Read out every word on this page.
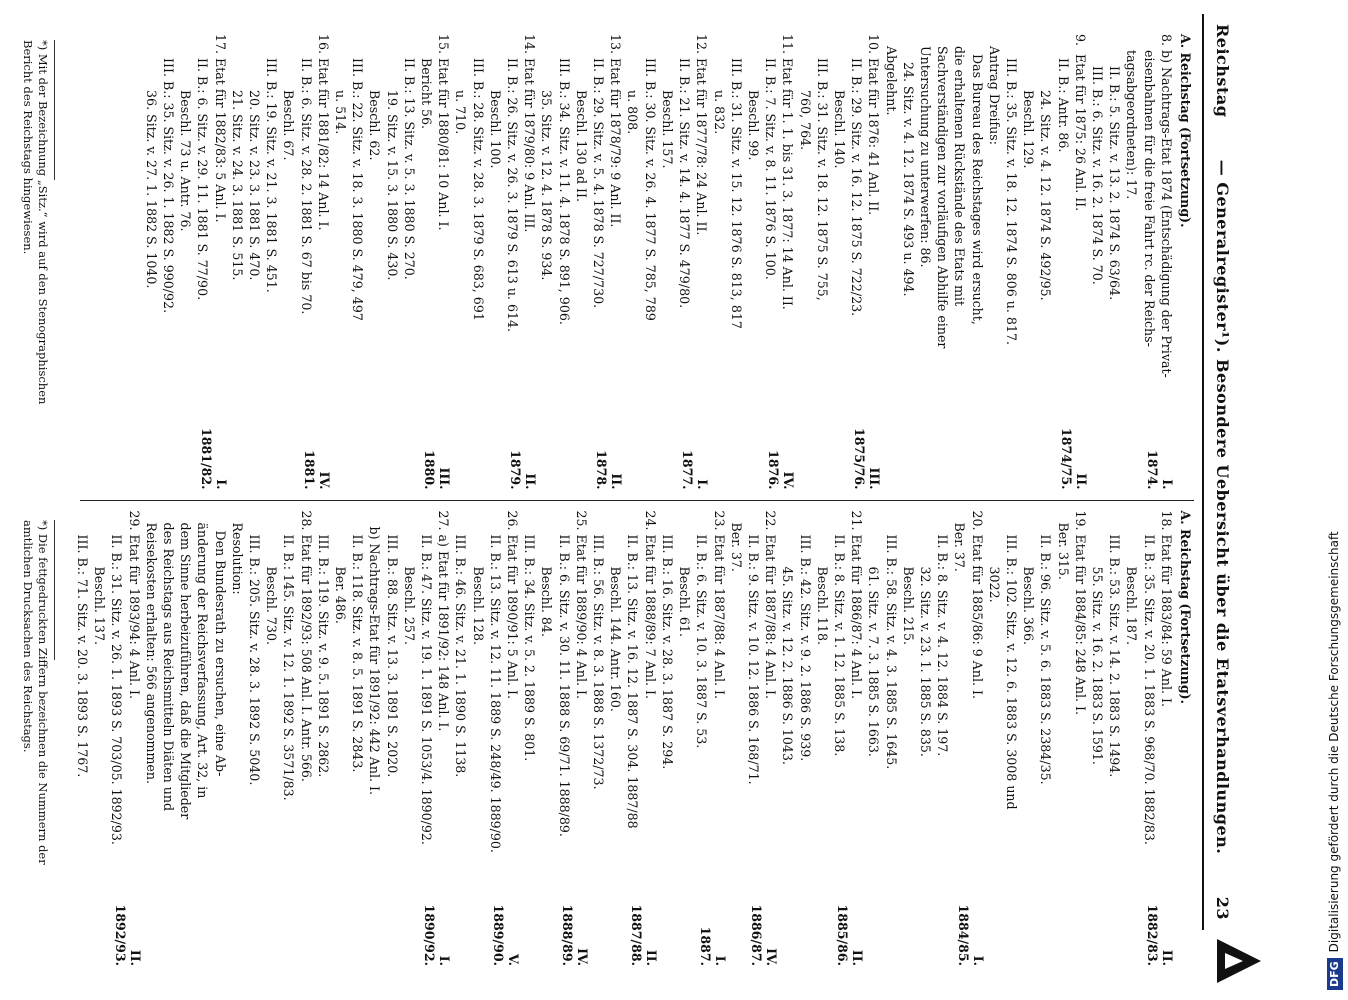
Reichstag
— Generalregister¹). Besondere Uebersicht über die Etatsverhandlungen.
23
A. Reichstag (Fortsetzung).
8. b) Nachtrags-Etat 1874 (Entschädigung der Privat-
eisenbahnen für die freie Fahrt rc. der Reichs-
tagsabgeordneten): 17.
I.
1874.
II. B.: 5. Sitz. v. 13. 2. 1874 S. 63/64.
III. B.: 6. Sitz. v. 16. 2. 1874 S. 70.
9.  Etat für 1875: 26 Anl. II.
II. B.: Antr. 86.
24. Sitz. v. 4. 12. 1874 S. 492/95.
Beschl. 129.
III. B.: 35. Sitz. v. 18. 12. 1874 S. 806 u. 817.
II.
1874/75.
Antrag Dreifus:
Das Bureau des Reichstages wird ersucht,
die erhaltenen Rückstände des Etats mit
Sachverständigen zur vorläufigen Abhilfe einer
Untersuchung zu unterwerfen: 86.
24. Sitz. v. 4. 12. 1874 S. 493 u. 494.
Abgelehnt.
10. Etat für 1876: 41 Anl. II.
II. B.: 29. Sitz. v. 16. 12. 1875 S. 722/23.
Beschl. 140.
III. B.: 31. Sitz. v. 18. 12. 1875 S. 755,
760, 764.
III.
1875/76.
11. Etat für 1. 1. bis 31. 3. 1877: 14 Anl. II.
II. B.: 7. Sitz. v. 8. 11. 1876 S. 100.
Beschl. 99.
III. B.: 31. Sitz. v. 15. 12. 1876 S. 813, 817
u. 832.
IV.
1876.
12. Etat für 1877/78: 24 Anl. II.
II. B.: 21. Sitz. v. 14. 4. 1877 S. 479/80.
Beschl. 157.
III. B.: 30. Sitz. v. 26. 4. 1877 S. 785, 789
u. 808.
I.
1877.
13. Etat für 1878/79: 9 Anl. II.
II. B.: 29. Sitz. v. 5. 4. 1878 S. 727/730.
Beschl. 130 ad II.
III. B.: 34. Sitz. v. 11. 4. 1878 S. 891, 906.
35. Sitz. v. 12. 4. 1878 S. 934.
II.
1878.
14. Etat für 1879/80: 9 Anl. III.
II. B.: 26. Sitz. v. 26. 3. 1879 S. 613 u. 614.
Beschl. 100.
III. B.: 28. Sitz. v. 28. 3. 1879 S. 683, 691
u. 710.
II.
1879.
15. Etat für 1880/81: 10 Anl. I.
Bericht 56.
II. B.: 13. Sitz. v. 5. 3. 1880 S. 270.
19. Sitz. v. 15. 3. 1880 S. 430.
Beschl. 62.
III. B.: 22. Sitz. v. 18. 3. 1880 S. 479, 497
u. 514.
III.
1880.
16. Etat für 1881/82: 14 Anl. I.
II. B.: 6. Sitz. v. 28. 2. 1881 S. 67 bis 70.
Beschl. 67.
III. B.: 19. Sitz. v. 21. 3. 1881 S. 451.
20. Sitz. v. 23. 3. 1881 S. 470.
21. Sitz. v. 24. 3. 1881 S. 515.
IV.
1881.
17. Etat für 1882/83: 5 Anl. I.
II. B.: 6. Sitz. v. 29. 11. 1881 S. 77/90.
Beschl. 73 u. Antr. 76.
III. B.: 35. Sitz. v. 26. 1. 1882 S. 990/92.
36. Sitz. v. 27. 1. 1882 S. 1040.
I.
1881/82.
A. Reichstag (Fortsetzung).
18. Etat für 1883/84: 59 Anl. I.
II. B.: 35. Sitz. v. 20. 1. 1883 S. 968/70. 1882/83.
Beschl. 187.
III. B.: 53. Sitz. v. 14. 2. 1883 S. 1494.
55. Sitz. v. 16. 2. 1883 S. 1591.
II.
1882/83.
19. Etat für 1884/85: 248 Anl. I.
Ber. 315.
II. B.: 96. Sitz. v. 5. 6. 1883 S. 2384/35.
Beschl. 366.
III. B.: 102. Sitz. v. 12. 6. 1883 S. 3008 und
3022.
20. Etat für 1885/86: 9 Anl. I.
Ber. 37.
II. B.: 8. Sitz. v. 4. 12. 1884 S. 197.
32. Sitz. v. 23. 1. 1885 S. 835.
Beschl. 215.
III. B.: 58. Sitz. v. 4. 3. 1885 S. 1645.
61. Sitz. v. 7. 3. 1885 S. 1663.
I.
1884/85.
21. Etat für 1886/87: 4 Anl. I.
II. B.: 8. Sitz. v. 1. 12. 1885 S. 138.
Beschl. 118.
III. B.: 42. Sitz. v. 9. 2. 1886 S. 939.
45. Sitz. v. 12. 2. 1886 S. 1043.
II.
1885/86.
22. Etat für 1887/88: 4 Anl. I.
II. B.: 9. Sitz. v. 10. 12. 1886 S. 168/71.
Ber. 37.
IV.
1886/87.
23. Etat für 1887/88: 4 Anl. I.
II. B.: 6. Sitz. v. 10. 3. 1887 S. 53.
Beschl. 61.
III. B.: 16. Sitz. v. 28. 3. 1887 S. 294.
I.
1887.
24. Etat für 1888/89: 7 Anl. I.
II. B.: 13. Sitz. v. 16. 12. 1887 S. 304. 1887/88
Beschl. 144. Antr. 160.
III. B.: 56. Sitz. v. 8. 3. 1888 S. 1372/73.
II.
1887/88.
25. Etat für 1889/90: 4 Anl. I.
II. B.: 6. Sitz. v. 30. 11. 1888 S. 69/71. 1888/89.
Beschl. 84.
III. B.: 34. Sitz. v. 5. 2. 1889 S. 801.
IV.
1888/89.
26. Etat für 1890/91: 5 Anl. I.
II. B.: 13. Sitz. v. 12. 11. 1889 S. 248/49. 1889/90.
Beschl. 128.
III. B.: 46. Sitz. v. 21. 1. 1890 S. 1138.
V.
1889/90.
27. a) Etat für 1891/92: 148 Anl. I.
II. B.: 47. Sitz. v. 19. 1. 1891 S. 1053/4. 1890/92.
Beschl. 257.
III. B.: 88. Sitz. v. 13. 3. 1891 S. 2020.
I.
1890/92.
b) Nachtrags-Etat für 1891/92: 442 Anl. I.
II. B.: 118. Sitz. v. 8. 5. 1891 S. 2843.
Ber. 486.
III. B.: 119. Sitz. v. 9. 5. 1891 S. 2862.
28. Etat für 1892/93: 508 Anl. I. Antr. 566.
II. B.: 145. Sitz. v. 12. 1. 1892 S. 3571/83.
Beschl. 730.
III. B.: 205. Sitz. v. 28. 3. 1892 S. 5040.
Resolution:
Den Bundesrath zu ersuchen, eine Ab-
änderung der Reichsverfassung, Art. 32, in
dem Sinne herbeizuführen, daß die Mitglieder
des Reichstags aus Reichsmitteln Diäten und
Reisekosten erhalten: 566 angenommen.
29. Etat für 1893/94: 4 Anl. I.
II. B.: 31. Sitz. v. 26. 1. 1893 S. 703/05. 1892/93.
Beschl. 137.
III. B.: 71. Sitz. v. 20. 3. 1893 S. 1767.
II.
1892/93.
*) Mit der Bezeichnung „Sitz.“ wird auf den Stenographischen
Bericht des Reichstags hingewiesen.
*) Die fettgedruckten Ziffern bezeichnen die Nummern der
amtlichen Drucksachen des Reichstags.
DFGDigitalisierung gefördert durch die Deutsche Forschungsgemeinschaft
